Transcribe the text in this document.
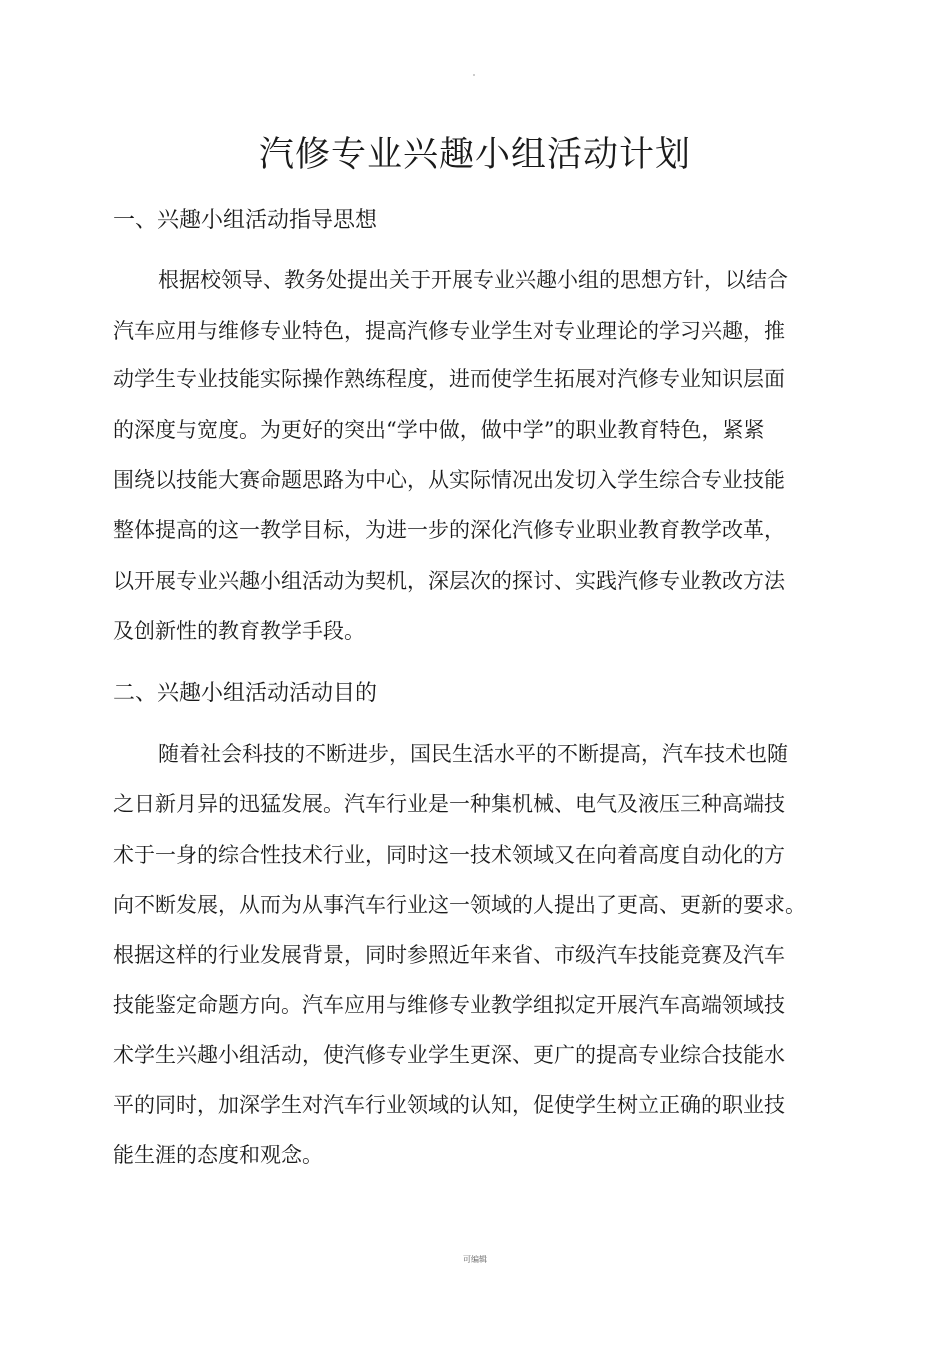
汽修专业兴趣小组活动计划
一、兴趣小组活动指导思想

根据校领导、教务处提出关于开展专业兴趣小组的思想方针，以结合

汽车应用与维修专业特色，提高汽修专业学生对专业理论的学习兴趣，推

动学生专业技能实际操作熟练程度，进而使学生拓展对汽修专业知识层面

的深度与宽度。为更好的突出“学中做，做中学”的职业教育特色，紧紧

围绕以技能大赛命题思路为中心，从实际情况出发切入学生综合专业技能

整体提高的这一教学目标，为进一步的深化汽修专业职业教育教学改革，

以开展专业兴趣小组活动为契机，深层次的探讨、实践汽修专业教改方法

及创新性的教育教学手段。

二、兴趣小组活动活动目的

随着社会科技的不断进步，国民生活水平的不断提高，汽车技术也随

之日新月异的迅猛发展。汽车行业是一种集机械、电气及液压三种高端技

术于一身的综合性技术行业，同时这一技术领域又在向着高度自动化的方

向不断发展，从而为从事汽车行业这一领域的人提出了更高、更新的要求。

根据这样的行业发展背景，同时参照近年来省、市级汽车技能竞赛及汽车

技能鉴定命题方向。汽车应用与维修专业教学组拟定开展汽车高端领域技

术学生兴趣小组活动，使汽修专业学生更深、更广的提高专业综合技能水

平的同时，加深学生对汽车行业领域的认知，促使学生树立正确的职业技

能生涯的态度和观念。

可编辑
